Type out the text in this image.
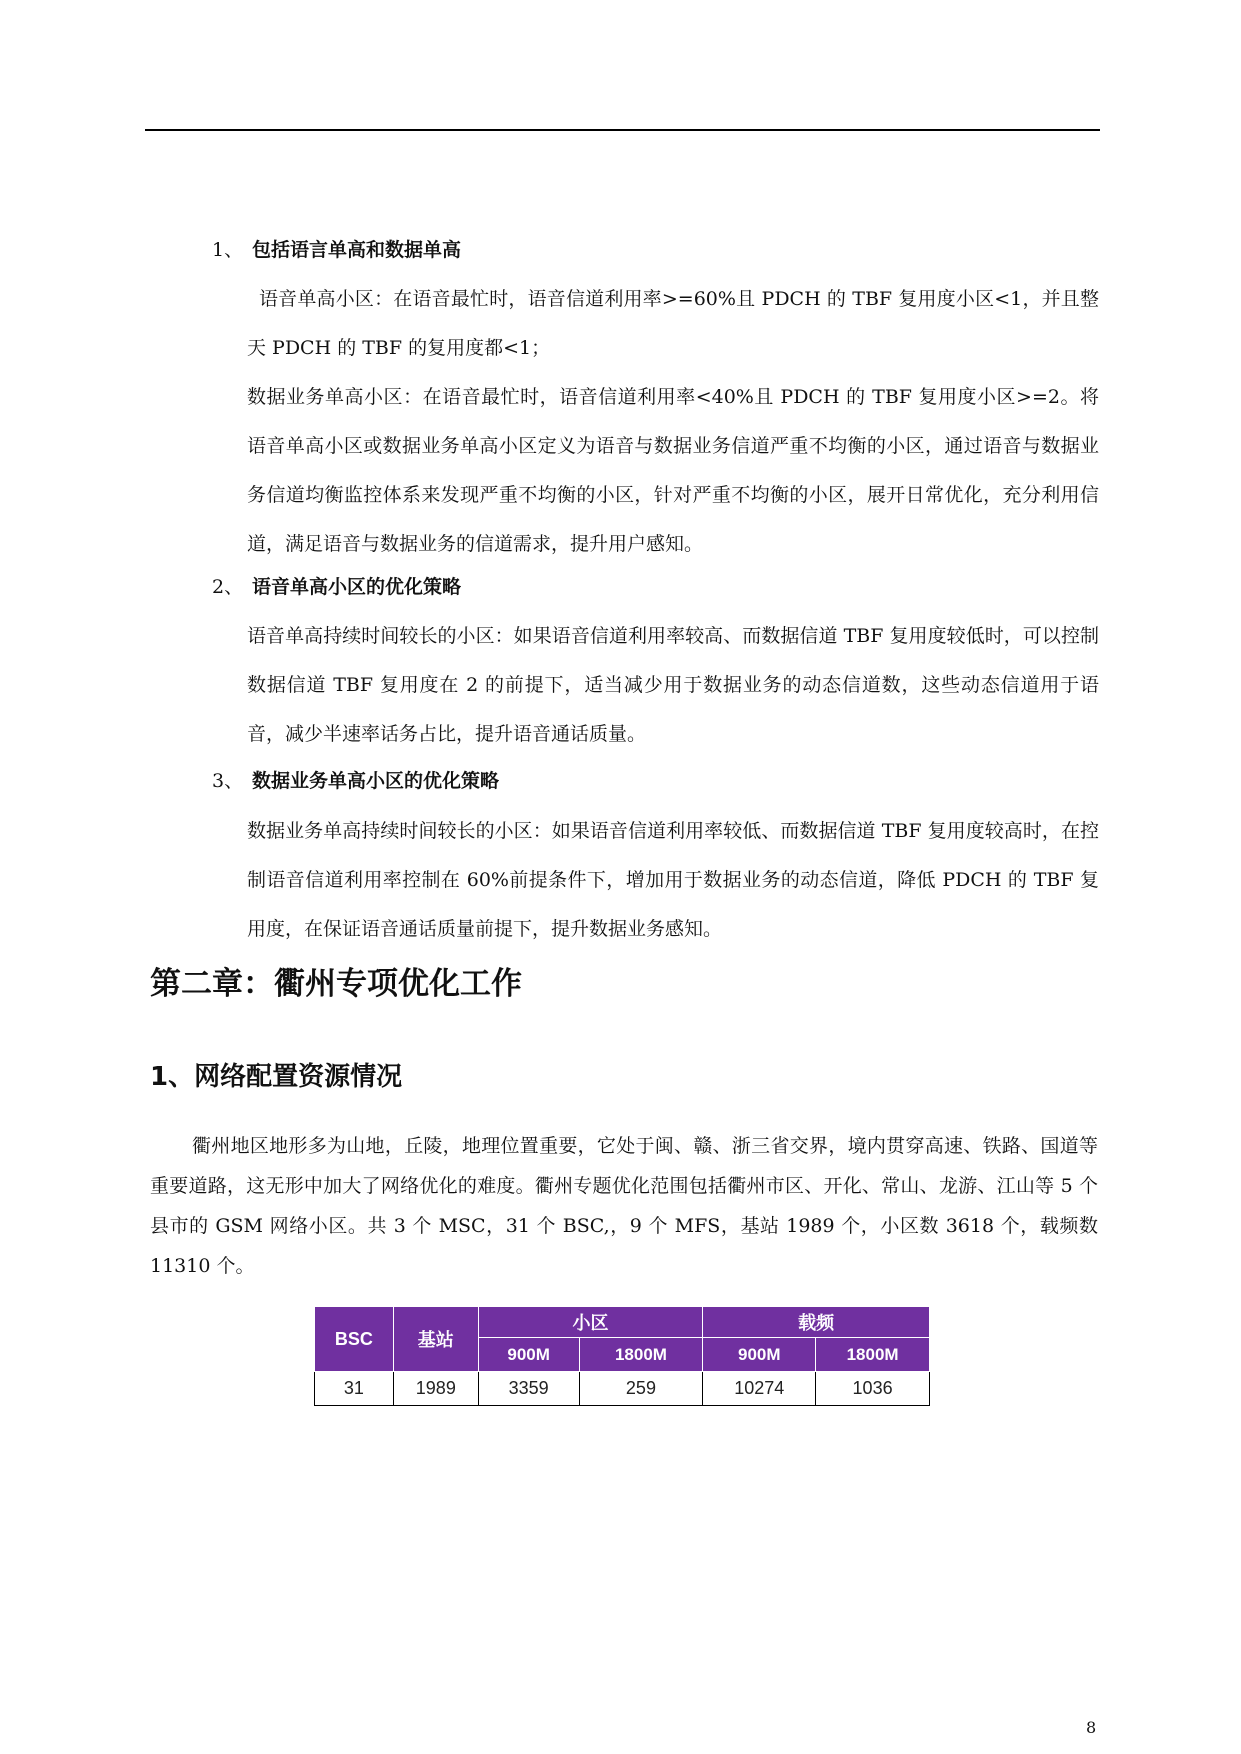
1、 包括语言单高和数据单高

语音单高小区：在语音最忙时，语音信道利用率>=60%且 PDCH 的 TBF 复用度小区<1，并且整天 PDCH 的 TBF 的复用度都<1；

数据业务单高小区：在语音最忙时，语音信道利用率<40%且 PDCH 的 TBF 复用度小区>=2。将语音单高小区或数据业务单高小区定义为语音与数据业务信道严重不均衡的小区，通过语音与数据业务信道均衡监控体系来发现严重不均衡的小区，针对严重不均衡的小区，展开日常优化，充分利用信道，满足语音与数据业务的信道需求，提升用户感知。

2、 语音单高小区的优化策略

语音单高持续时间较长的小区：如果语音信道利用率较高、而数据信道 TBF 复用度较低时，可以控制数据信道 TBF 复用度在 2 的前提下，适当减少用于数据业务的动态信道数，这些动态信道用于语音，减少半速率话务占比，提升语音通话质量。

3、 数据业务单高小区的优化策略

数据业务单高持续时间较长的小区：如果语音信道利用率较低、而数据信道 TBF 复用度较高时，在控制语音信道利用率控制在 60%前提条件下，增加用于数据业务的动态信道，降低 PDCH 的 TBF 复用度，在保证语音通话质量前提下，提升数据业务感知。

第二章：衢州专项优化工作
1、网络配置资源情况

衢州地区地形多为山地，丘陵，地理位置重要，它处于闽、赣、浙三省交界，境内贯穿高速、铁路、国道等重要道路，这无形中加大了网络优化的难度。衢州专题优化范围包括衢州市区、开化、常山、龙游、江山等 5 个县市的 GSM 网络小区。共 3 个 MSC，31 个 BSC,，9 个 MFS，基站 1989 个，小区数 3618 个，载频数 11310 个。

BSC	基站	小区		载频	
		900M	1800M	900M	1800M
31	1989	3359	259	10274	1036
8
